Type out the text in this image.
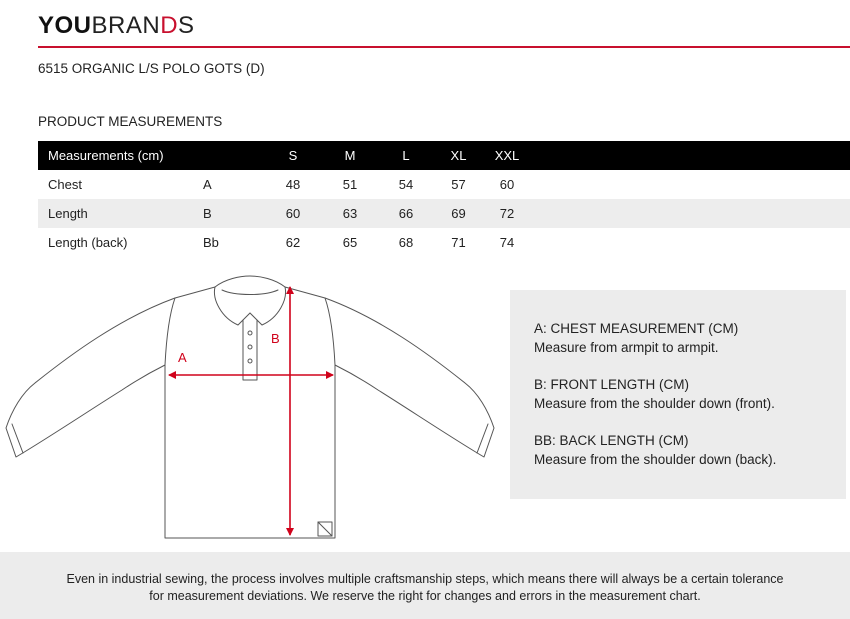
YOUBRANDS
6515 ORGANIC L/S POLO GOTS (D)
PRODUCT MEASUREMENTS
Measurements (cm)		S	M	L	XL	XXL	
Chest	A	48	51	54	57	60	
Length	B	60	63	66	69	72	
Length (back)	Bb	62	65	68	71	74	
A
B
A: CHEST MEASUREMENT (CM)
Measure from armpit to armpit.
B: FRONT LENGTH (CM)
Measure from the shoulder down (front).
BB: BACK LENGTH (CM)
Measure from the shoulder down (back).

Even in industrial sewing, the process involves multiple craftsmanship steps, which means there will always be a certain tolerance
for measurement deviations. We reserve the right for changes and errors in the measurement chart.
